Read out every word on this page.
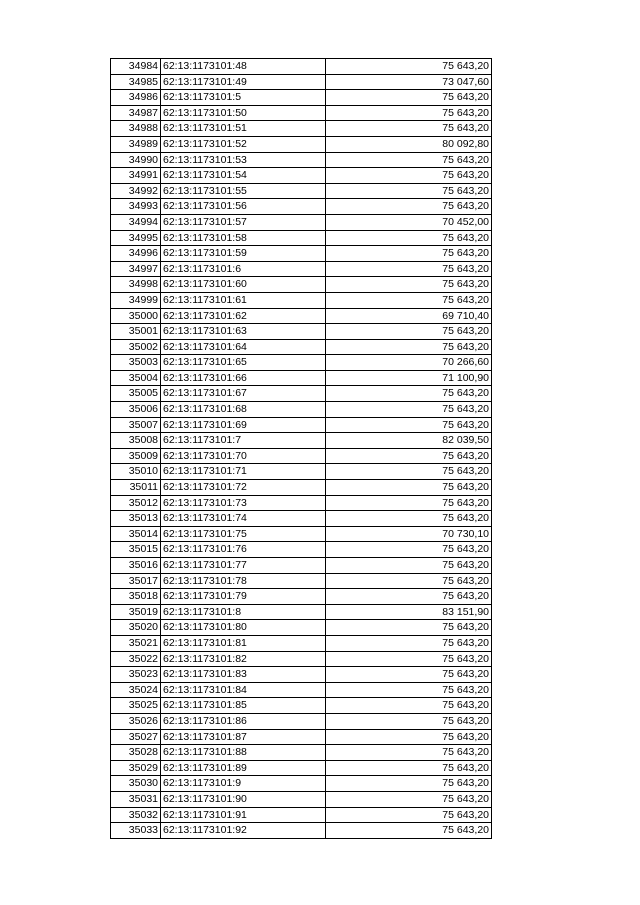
34984	62:13:1173101:48	75 643,20
34985	62:13:1173101:49	73 047,60
34986	62:13:1173101:5	75 643,20
34987	62:13:1173101:50	75 643,20
34988	62:13:1173101:51	75 643,20
34989	62:13:1173101:52	80 092,80
34990	62:13:1173101:53	75 643,20
34991	62:13:1173101:54	75 643,20
34992	62:13:1173101:55	75 643,20
34993	62:13:1173101:56	75 643,20
34994	62:13:1173101:57	70 452,00
34995	62:13:1173101:58	75 643,20
34996	62:13:1173101:59	75 643,20
34997	62:13:1173101:6	75 643,20
34998	62:13:1173101:60	75 643,20
34999	62:13:1173101:61	75 643,20
35000	62:13:1173101:62	69 710,40
35001	62:13:1173101:63	75 643,20
35002	62:13:1173101:64	75 643,20
35003	62:13:1173101:65	70 266,60
35004	62:13:1173101:66	71 100,90
35005	62:13:1173101:67	75 643,20
35006	62:13:1173101:68	75 643,20
35007	62:13:1173101:69	75 643,20
35008	62:13:1173101:7	82 039,50
35009	62:13:1173101:70	75 643,20
35010	62:13:1173101:71	75 643,20
35011	62:13:1173101:72	75 643,20
35012	62:13:1173101:73	75 643,20
35013	62:13:1173101:74	75 643,20
35014	62:13:1173101:75	70 730,10
35015	62:13:1173101:76	75 643,20
35016	62:13:1173101:77	75 643,20
35017	62:13:1173101:78	75 643,20
35018	62:13:1173101:79	75 643,20
35019	62:13:1173101:8	83 151,90
35020	62:13:1173101:80	75 643,20
35021	62:13:1173101:81	75 643,20
35022	62:13:1173101:82	75 643,20
35023	62:13:1173101:83	75 643,20
35024	62:13:1173101:84	75 643,20
35025	62:13:1173101:85	75 643,20
35026	62:13:1173101:86	75 643,20
35027	62:13:1173101:87	75 643,20
35028	62:13:1173101:88	75 643,20
35029	62:13:1173101:89	75 643,20
35030	62:13:1173101:9	75 643,20
35031	62:13:1173101:90	75 643,20
35032	62:13:1173101:91	75 643,20
35033	62:13:1173101:92	75 643,20
